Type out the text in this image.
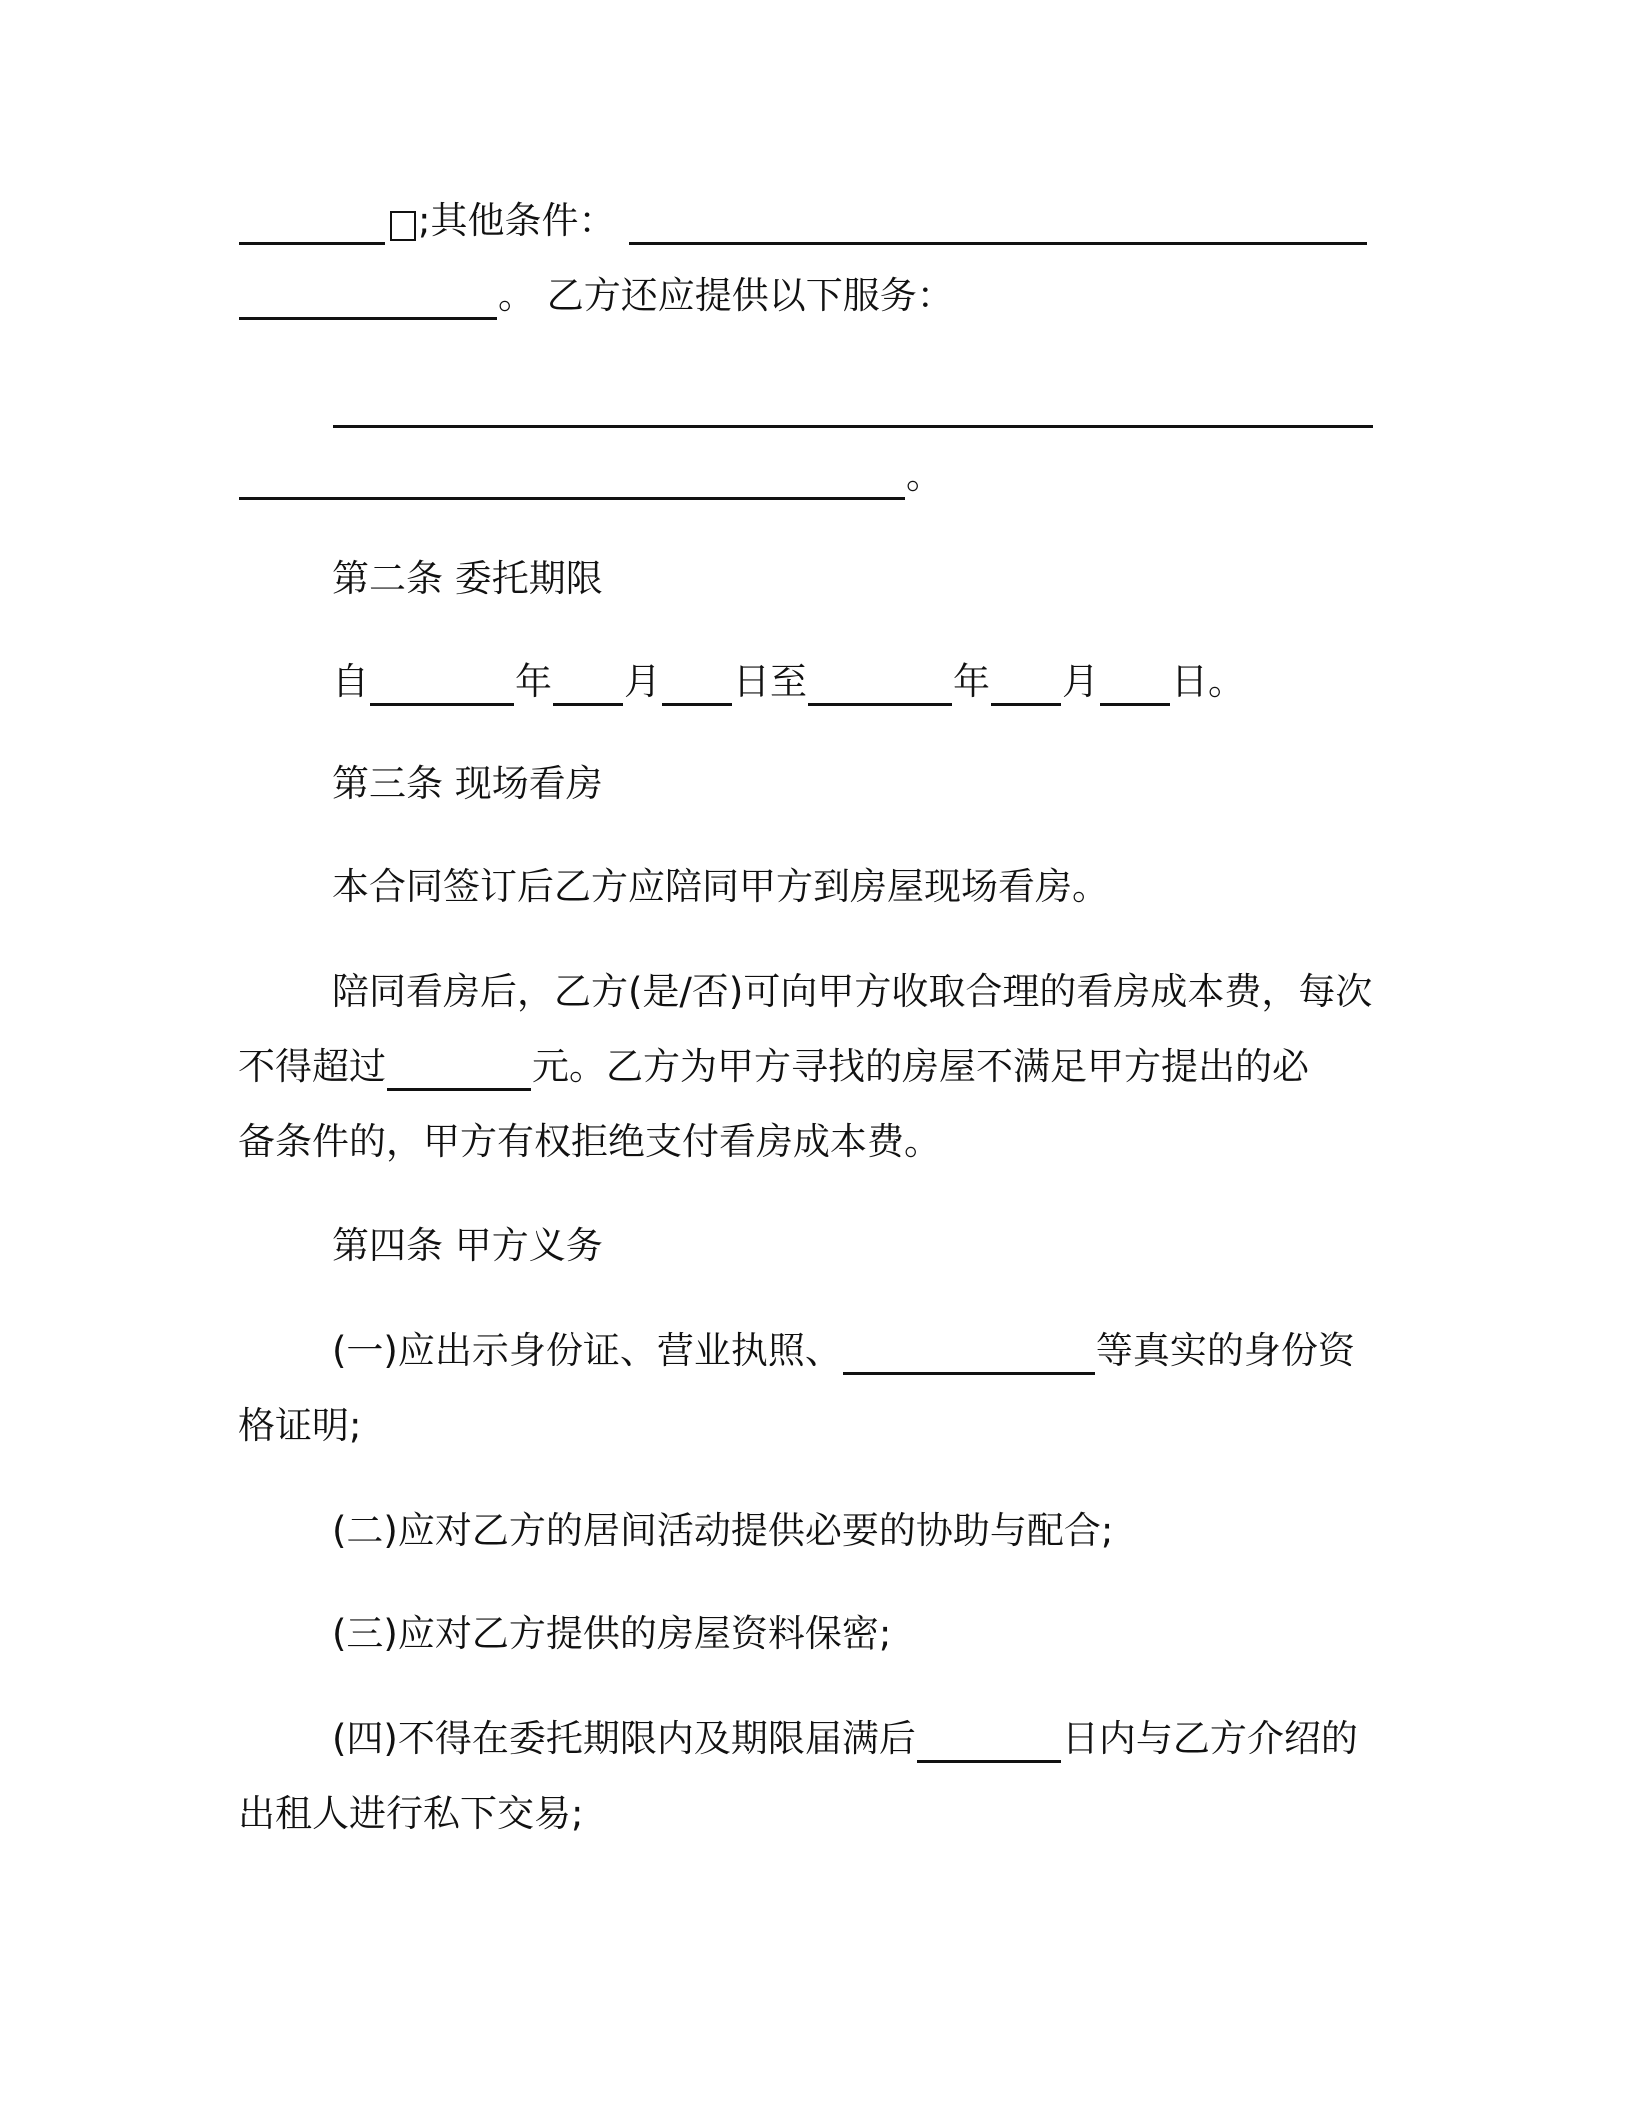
;其他条件：
。 乙方还应提供以下服务：
。
第二条 委托期限
自	年 月 日至	年 月 日。
第三条 现场看房
本合同签订后乙方应陪同甲方到房屋现场看房。
陪同看房后，乙方(是/否)可向甲方收取合理的看房成本费，每次
不得超过	元。乙方为甲方寻找的房屋不满足甲方提出的必
备条件的，甲方有权拒绝支付看房成本费。
第四条 甲方义务
(一)应出示身份证、营业执照、	等真实的身份资
格证明;
(二)应对乙方的居间活动提供必要的协助与配合;
(三)应对乙方提供的房屋资料保密;
(四)不得在委托期限内及期限届满后	日内与乙方介绍的
出租人进行私下交易;
